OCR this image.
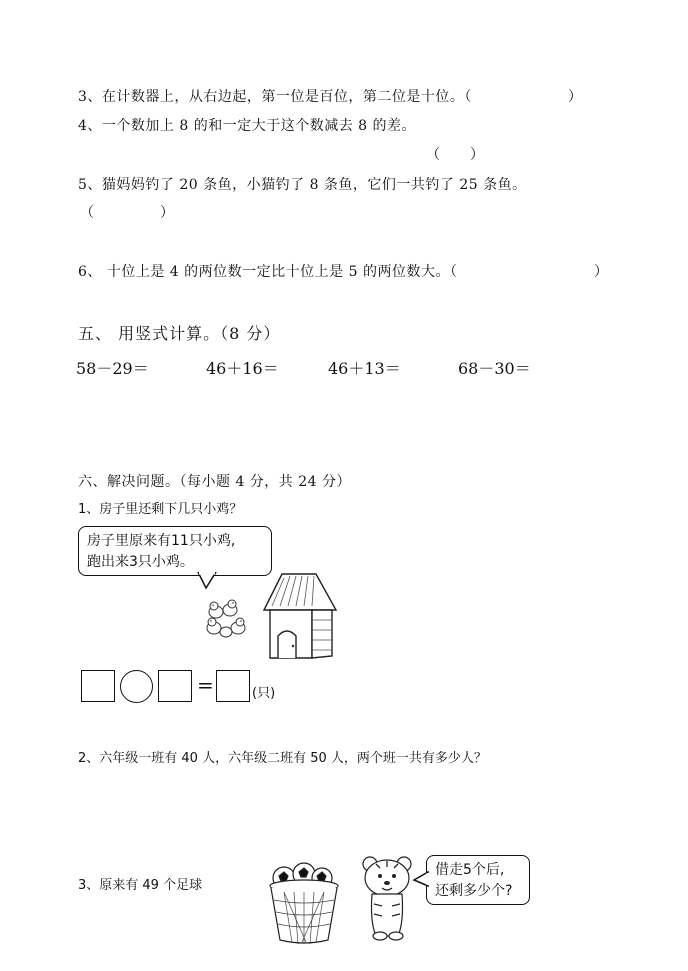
3、在计数器上，从右边起，第一位是百位，第二位是十位。（	）
4、一个数加上 8 的和一定大于这个数减去 8 的差。
（ ）
5、猫妈妈钓了 20 条鱼，小猫钓了 8 条鱼，它们一共钓了 25 条鱼。
（	）
6、 十位上是 4 的两位数一定比十位上是 5 的两位数大。（	）
五、 用竖式计算。（8 分）
58－29＝	46＋16＝	46＋13＝	68－30＝
六、解决问题。（每小题 4 分，共 24 分）
1、房子里还剩下几只小鸡？
房子里原来有11只小鸡,
跑出来3只小鸡。
=	(只)
2、六年级一班有 40 人，六年级二班有 50 人，两个班一共有多少人？
3、原来有 49 个足球
借走5个后,
还剩多少个?
